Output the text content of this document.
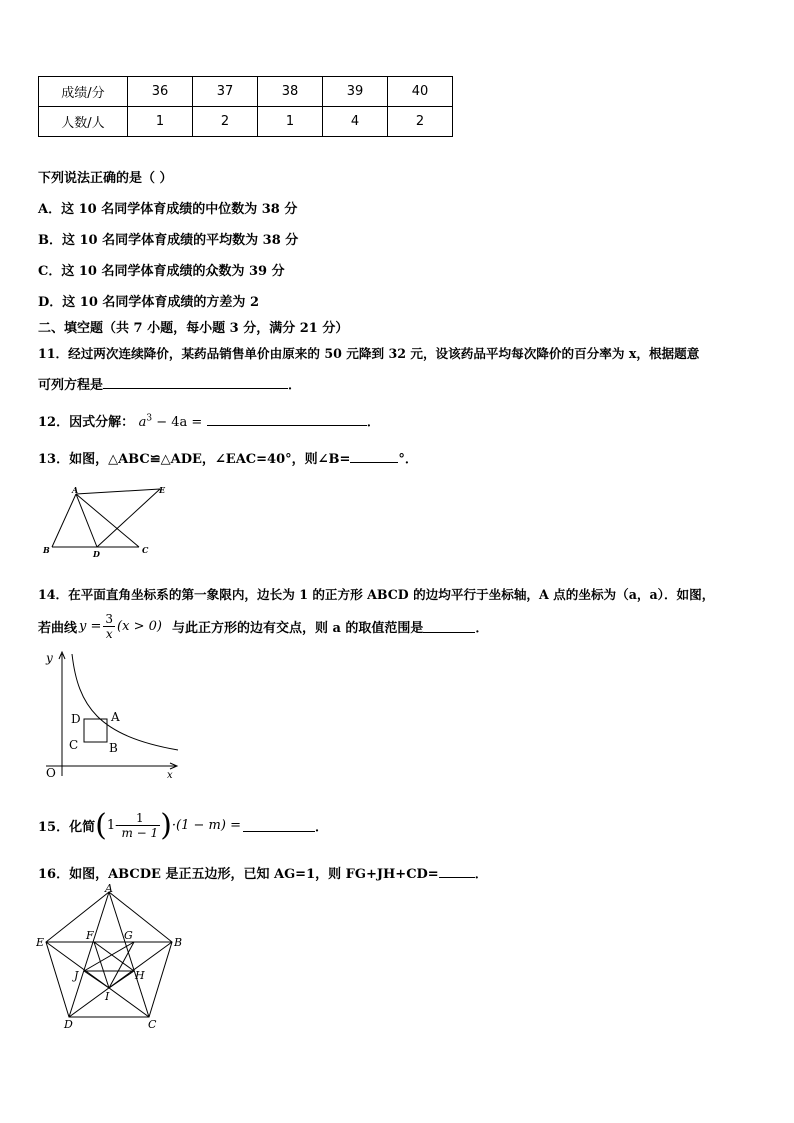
成绩/分	36	37	38	39	40
人数/人	1	2	1	4	2
下列说法正确的是（ ）
A．这 10 名同学体育成绩的中位数为 38 分
B．这 10 名同学体育成绩的平均数为 38 分
C．这 10 名同学体育成绩的众数为 39 分
D．这 10 名同学体育成绩的方差为 2
二、填空题（共 7 小题，每小题 3 分，满分 21 分）
11．经过两次连续降价，某药品销售单价由原来的 50 元降到 32 元，设该药品平均每次降价的百分率为 x，根据题意
可列方程是	．
12．因式分解： $a^3 - 4a$ =	．
13．如图，△ABC≌△ADE，∠EAC=40°，则∠B=	°．
A
B	C
D
E
14．在平面直角坐标系的第一象限内，边长为 1 的正方形 ABCD 的边均平行于坐标轴，A 点的坐标为（a，a）．如图，
若曲线 $y = \frac{3}{x} (x > 0)$ 与此正方形的边有交点，则 a 的取值范围是	．
y
x
O
A
B
C
D
15．化简 ( $1- \frac{1}{m - 1}$ ) ·(1 − m) =	．
16．如图，ABCDE 是正五边形，已知 AG=1，则 FG+JH+CD=	．
A
B
C
D
E
F	G
H
I
J
